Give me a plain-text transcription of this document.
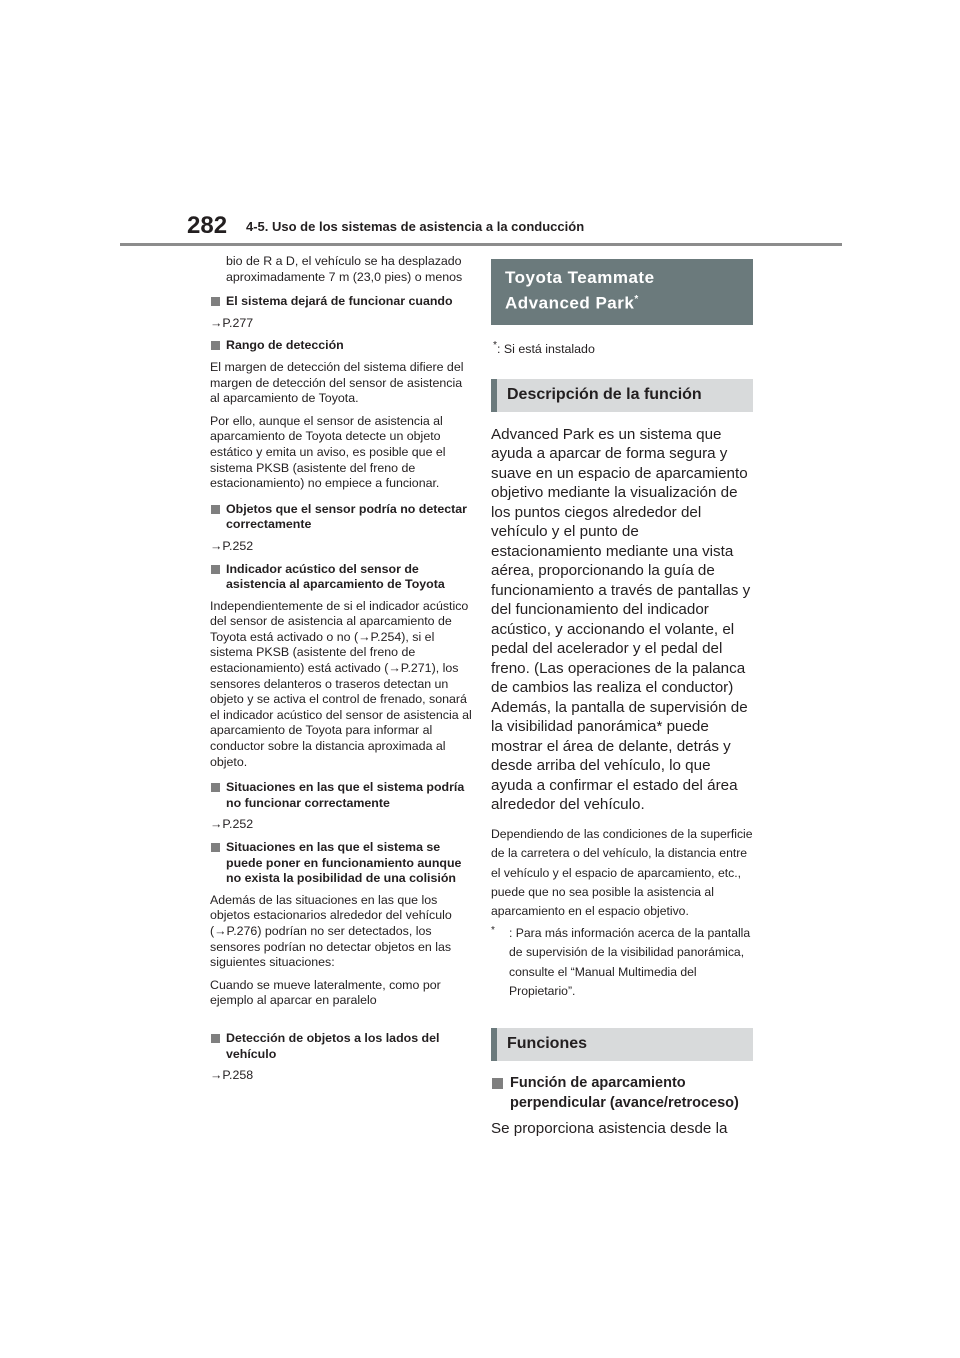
282 4-5. Uso de los sistemas de asistencia a la conducción

bio de R a D, el vehículo se ha desplazado aproximadamente 7 m (23,0 pies) o menos

El sistema dejará de funcionar cuando

→P.277

Rango de detección

El margen de detección del sistema difiere del margen de detección del sensor de asistencia al aparcamiento de Toyota.

Por ello, aunque el sensor de asistencia al aparcamiento de Toyota detecte un objeto estático y emita un aviso, es posible que el sistema PKSB (asistente del freno de estacionamiento) no empiece a funcionar.

Objetos que el sensor podría no detectar correctamente

→P.252

Indicador acústico del sensor de asistencia al aparcamiento de Toyota

Independientemente de si el indicador acústico del sensor de asistencia al aparcamiento de Toyota está activado o no (→P.254), si el sistema PKSB (asistente del freno de estacionamiento) está activado (→P.271), los sensores delanteros o traseros detectan un objeto y se activa el control de frenado, sonará el indicador acústico del sensor de asistencia al aparcamiento de Toyota para informar al conductor sobre la distancia aproximada al objeto.

Situaciones en las que el sistema podría no funcionar correctamente

→P.252

Situaciones en las que el sistema se puede poner en funcionamiento aunque no exista la posibilidad de una colisión

Además de las situaciones en las que los objetos estacionarios alrededor del vehículo (→P.276) podrían no ser detectados, los sensores podrían no detectar objetos en las siguientes situaciones:

Cuando se mueve lateralmente, como por ejemplo al aparcar en paralelo

Detección de objetos a los lados del vehículo

→P.258

Toyota Teammate Advanced Park*
*: Si está instalado
Descripción de la función

Advanced Park es un sistema que ayuda a aparcar de forma segura y suave en un espacio de aparcamiento objetivo mediante la visualización de los puntos ciegos alrededor del vehículo y el punto de estacionamiento mediante una vista aérea, proporcionando la guía de funcionamiento a través de pantallas y del funcionamiento del indicador acústico, y accionando el volante, el pedal del acelerador y el pedal del freno. (Las operaciones de la palanca de cambios las realiza el conductor)

Además, la pantalla de supervisión de la visibilidad panorámica* puede mostrar el área de delante, detrás y desde arriba del vehículo, lo que ayuda a confirmar el estado del área alrededor del vehículo.

Dependiendo de las condiciones de la superficie de la carretera o del vehículo, la distancia entre el vehículo y el espacio de aparcamiento, etc., puede que no sea posible la asistencia al aparcamiento en el espacio objetivo.

* : Para más información acerca de la pantalla de supervisión de la visibilidad panorámica, consulte el “Manual Multimedia del Propietario”.
Funciones
Función de aparcamiento perpendicular (avance/retroceso)

Se proporciona asistencia desde la
